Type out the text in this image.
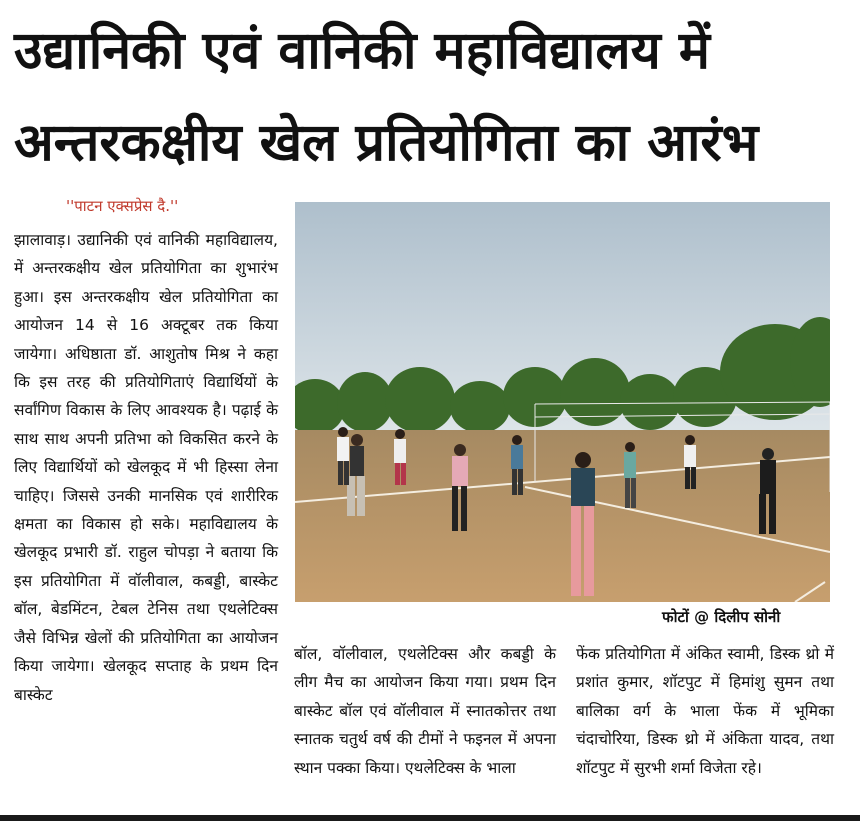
उद्यानिकी एवं वानिकी महाविद्यालय में
अन्तरकक्षीय खेल प्रतियोगिता का आरंभ
''पाटन एक्सप्रेस दै.''

झालावाड़। उद्यानिकी एवं वानिकी महाविद्यालय, में अन्तरकक्षीय खेल प्रतियोगिता का शुभारंभ हुआ। इस अन्तरकक्षीय खेल प्रतियोगिता का आयोजन 14 से 16 अक्टूबर तक किया जायेगा। अधिष्ठाता डॉ. आशुतोष मिश्र ने कहा कि इस तरह की प्रतियोगिताएं विद्यार्थियों के सर्वांगिण विकास के लिए आवश्यक है। पढ़ाई के साथ साथ अपनी प्रतिभा को विकसित करने के लिए विद्यार्थियों को खेलकूद में भी हिस्सा लेना चाहिए। जिससे उनकी मानसिक एवं शारीरिक क्षमता का विकास हो सके। महाविद्यालय के खेलकूद प्रभारी डॉ. राहुल चोपड़ा ने बताया कि इस प्रतियोगिता में वॉलीवाल, कबड्डी, बास्केट बॉल, बेडमिंटन, टेबल टेनिस तथा एथलेटिक्स जैसे विभिन्न खेलों की प्रतियोगिता का आयोजन किया जायेगा। खेलकूद सप्ताह के प्रथम दिन बास्केट

फोटों @ दिलीप सोनी

बॉल, वॉलीवाल, एथलेटिक्स और कबड्डी के लीग मैच का आयोजन किया गया। प्रथम दिन बास्केट बॉल एवं वॉलीवाल में स्नातकोत्तर तथा स्नातक चतुर्थ वर्ष की टीमों ने फइनल में अपना स्थान पक्का किया। एथलेटिक्स के भाला

फेंक प्रतियोगिता में अंकित स्वामी, डिस्क थ्रो में प्रशांत कुमार, शॉटपुट में हिमांशु सुमन तथा बालिका वर्ग के भाला फेंक में भूमिका चंदाचोरिया, डिस्क थ्रो में अंकिता यादव, तथा शॉटपुट में सुरभी शर्मा विजेता रहे।
